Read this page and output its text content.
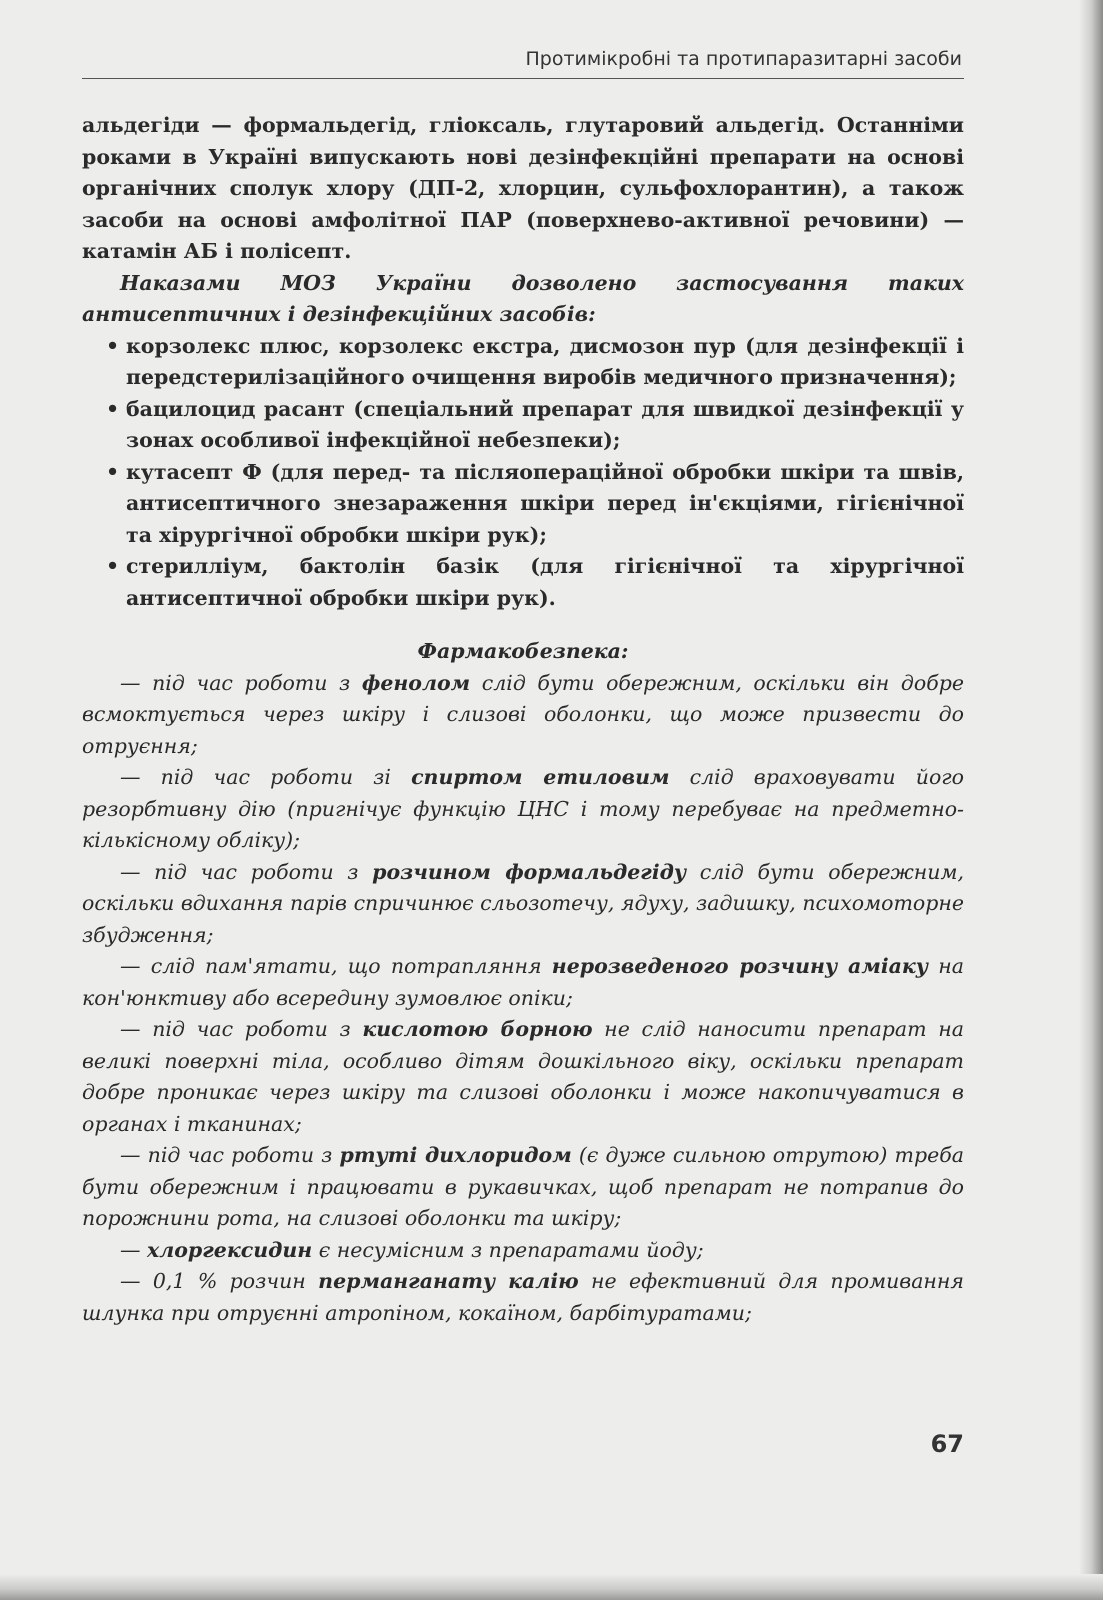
Протимікробні та протипаразитарні засоби

альдегіди — формальдегід, гліоксаль, глутаровий альдегід. Останніми роками в Україні випускають нові дезінфекційні препарати на основі органічних сполук хлору (ДП-2, хлорцин, сульфохлорантин), а також засоби на основі амфолітної ПАР (поверхнево-активної речовини) — катамін АБ і полісепт.

Наказами МОЗ України дозволено застосування таких антисептичних і дезінфекційних засобів:

• корзолекс плюс, корзолекс екстра, дисмозон пур (для дезінфекції і передстерилізаційного очищення виробів медичного призначення);
• бацилоцид расант (спеціальний препарат для швидкої дезінфекції у зонах особливої інфекційної небезпеки);
• кутасепт Ф (для перед- та післяопераційної обробки шкіри та швів, антисептичного знезараження шкіри перед ін'єкціями, гігієнічної та хірургічної обробки шкіри рук);
• стерилліум, бактолін базік (для гігієнічної та хірургічної антисептичної обробки шкіри рук).

Фармакобезпека:

— під час роботи з фенолом слід бути обережним, оскільки він добре всмоктується через шкіру і слизові оболонки, що може призвести до отруєння;

— під час роботи зі спиртом етиловим слід враховувати його резорбтивну дію (пригнічує функцію ЦНС і тому перебуває на предметно-кількісному обліку);

— під час роботи з розчином формальдегіду слід бути обережним, оскільки вдихання парів спричинює сльозотечу, ядуху, задишку, психомоторне збудження;

— слід пам'ятати, що потрапляння нерозведеного розчину аміаку на кон'юнктиву або всередину зумовлює опіки;

— під час роботи з кислотою борною не слід наносити препарат на великі поверхні тіла, особливо дітям дошкільного віку, оскільки препарат добре проникає через шкіру та слизові оболонки і може накопичуватися в органах і тканинах;

— під час роботи з ртуті дихлоридом (є дуже сильною отрутою) треба бути обережним і працювати в рукавичках, щоб препарат не потрапив до порожнини рота, на слизові оболонки та шкіру;

— хлоргексидин є несумісним з препаратами йоду;

— 0,1 % розчин перманганату калію не ефективний для промивання шлунка при отруєнні атропіном, кокаїном, барбітуратами;

67
